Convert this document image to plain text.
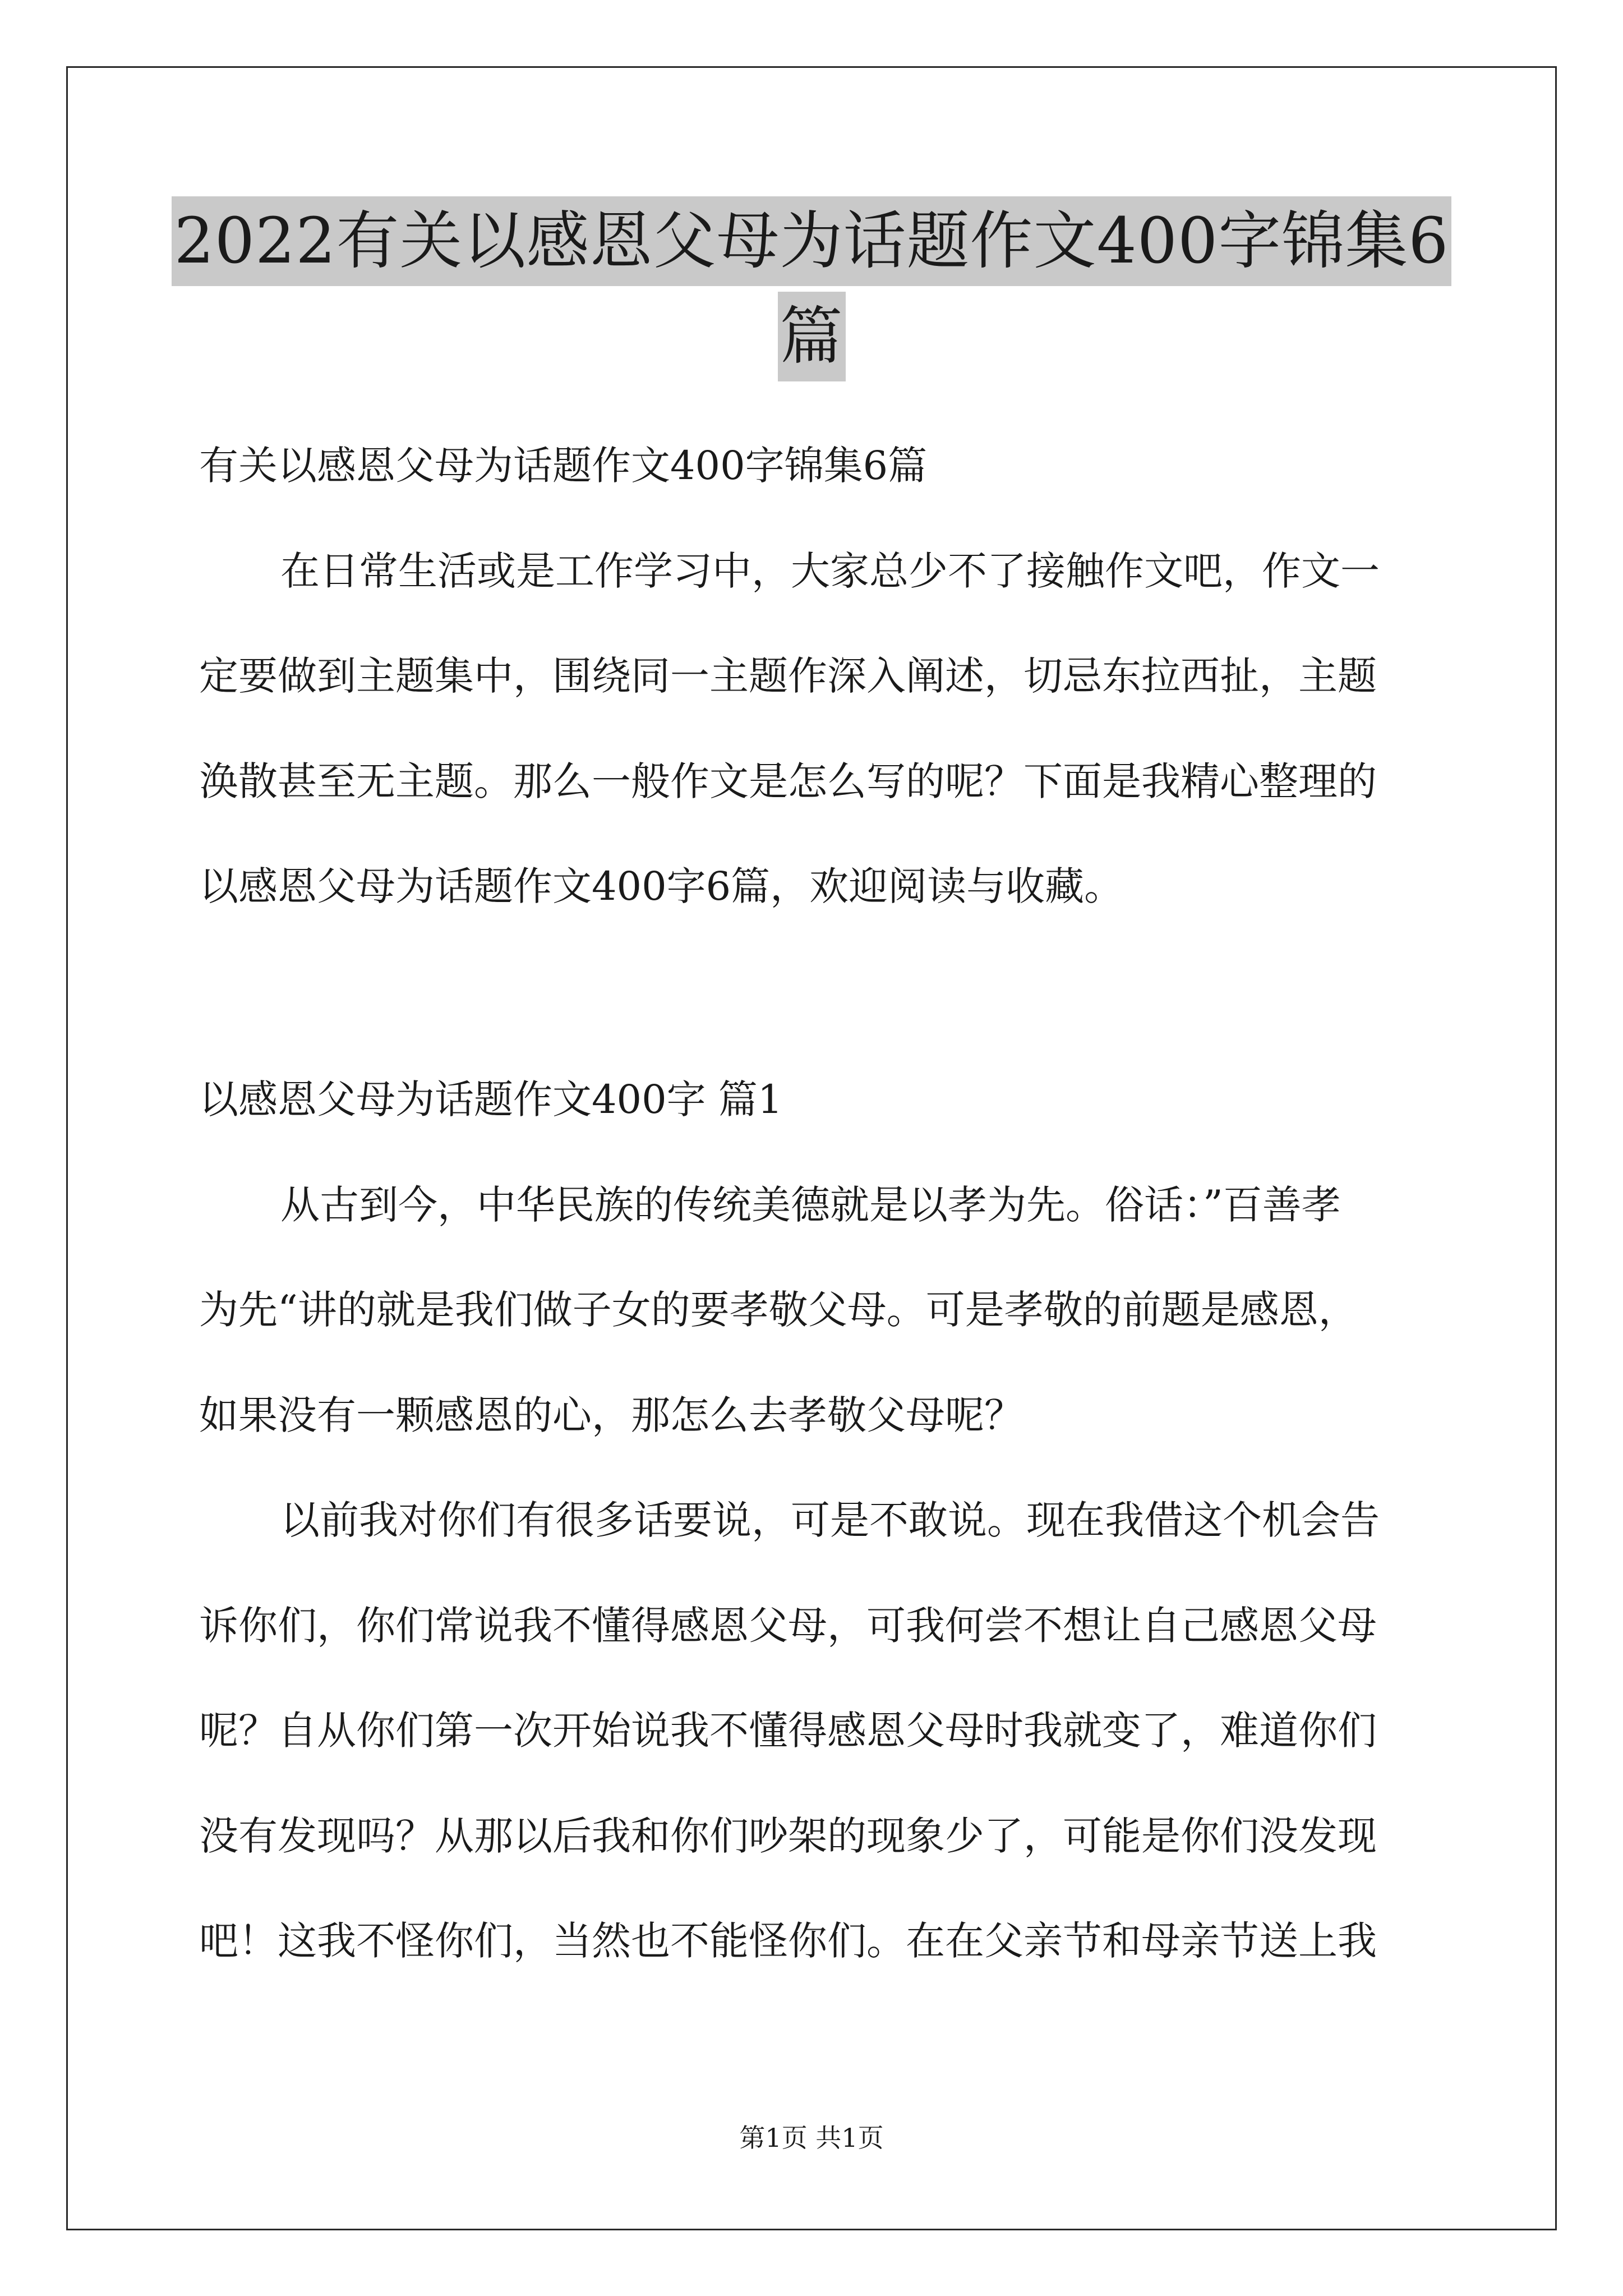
2022有关以感恩父母为话题作文400字锦集6
篇
有关以感恩父母为话题作文400字锦集6篇
在日常生活或是工作学习中，大家总少不了接触作文吧，作文一
定要做到主题集中，围绕同一主题作深入阐述，切忌东拉西扯，主题
涣散甚至无主题。那么一般作文是怎么写的呢？下面是我精心整理的
以感恩父母为话题作文400字6篇，欢迎阅读与收藏。
以感恩父母为话题作文400字 篇1
从古到今，中华民族的传统美德就是以孝为先。俗话：”百善孝
为先“讲的就是我们做子女的要孝敬父母。可是孝敬的前题是感恩，
如果没有一颗感恩的心，那怎么去孝敬父母呢？
以前我对你们有很多话要说，可是不敢说。现在我借这个机会告
诉你们，你们常说我不懂得感恩父母，可我何尝不想让自己感恩父母
呢？自从你们第一次开始说我不懂得感恩父母时我就变了，难道你们
没有发现吗？从那以后我和你们吵架的现象少了，可能是你们没发现
吧！这我不怪你们，当然也不能怪你们。在在父亲节和母亲节送上我
第1页 共1页
